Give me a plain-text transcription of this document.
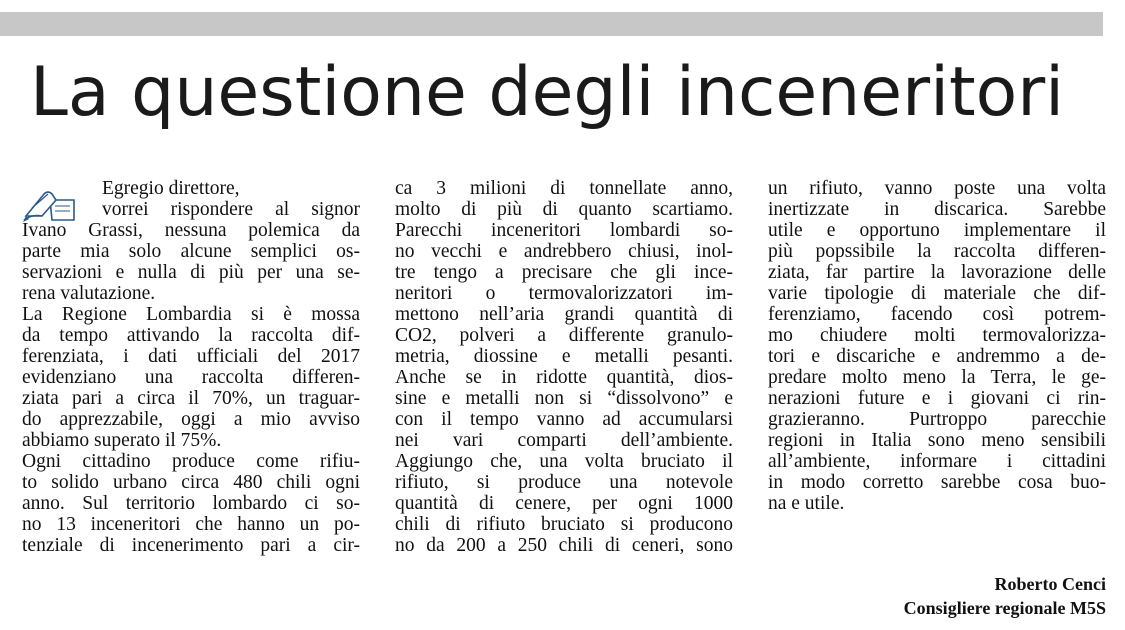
La questione degli inceneritori
Egregio direttore,
vorrei rispondere al signor
Ivano Grassi, nessuna polemica da
parte mia solo alcune semplici os-
servazioni e nulla di più per una se-
rena valutazione.
La Regione Lombardia si è mossa
da tempo attivando la raccolta dif-
ferenziata, i dati ufficiali del 2017
evidenziano una raccolta differen-
ziata pari a circa il 70%, un traguar-
do apprezzabile, oggi a mio avviso
abbiamo superato il 75%.
Ogni cittadino produce come rifiu-
to solido urbano circa 480 chili ogni
anno. Sul territorio lombardo ci so-
no 13 inceneritori che hanno un po-
tenziale di incenerimento pari a cir-
ca 3 milioni di tonnellate anno,
molto di più di quanto scartiamo.
Parecchi inceneritori lombardi so-
no vecchi e andrebbero chiusi, inol-
tre tengo a precisare che gli ince-
neritori o termovalorizzatori im-
mettono nell’aria grandi quantità di
CO2, polveri a differente granulo-
metria, diossine e metalli pesanti.
Anche se in ridotte quantità, dios-
sine e metalli non si “dissolvono” e
con il tempo vanno ad accumularsi
nei vari comparti dell’ambiente.
Aggiungo che, una volta bruciato il
rifiuto, si produce una notevole
quantità di cenere, per ogni 1000
chili di rifiuto bruciato si producono
no da 200 a 250 chili di ceneri, sono
un rifiuto, vanno poste una volta
inertizzate in discarica. Sarebbe
utile e opportuno implementare il
più popssibile la raccolta differen-
ziata, far partire la lavorazione delle
varie tipologie di materiale che dif-
ferenziamo, facendo così potrem-
mo chiudere molti termovalorizza-
tori e discariche e andremmo a de-
predare molto meno la Terra, le ge-
nerazioni future e i giovani ci rin-
grazieranno. Purtroppo parecchie
regioni in Italia sono meno sensibili
all’ambiente, informare i cittadini
in modo corretto sarebbe cosa buo-
na e utile.
Roberto Cenci
Consigliere regionale M5S
